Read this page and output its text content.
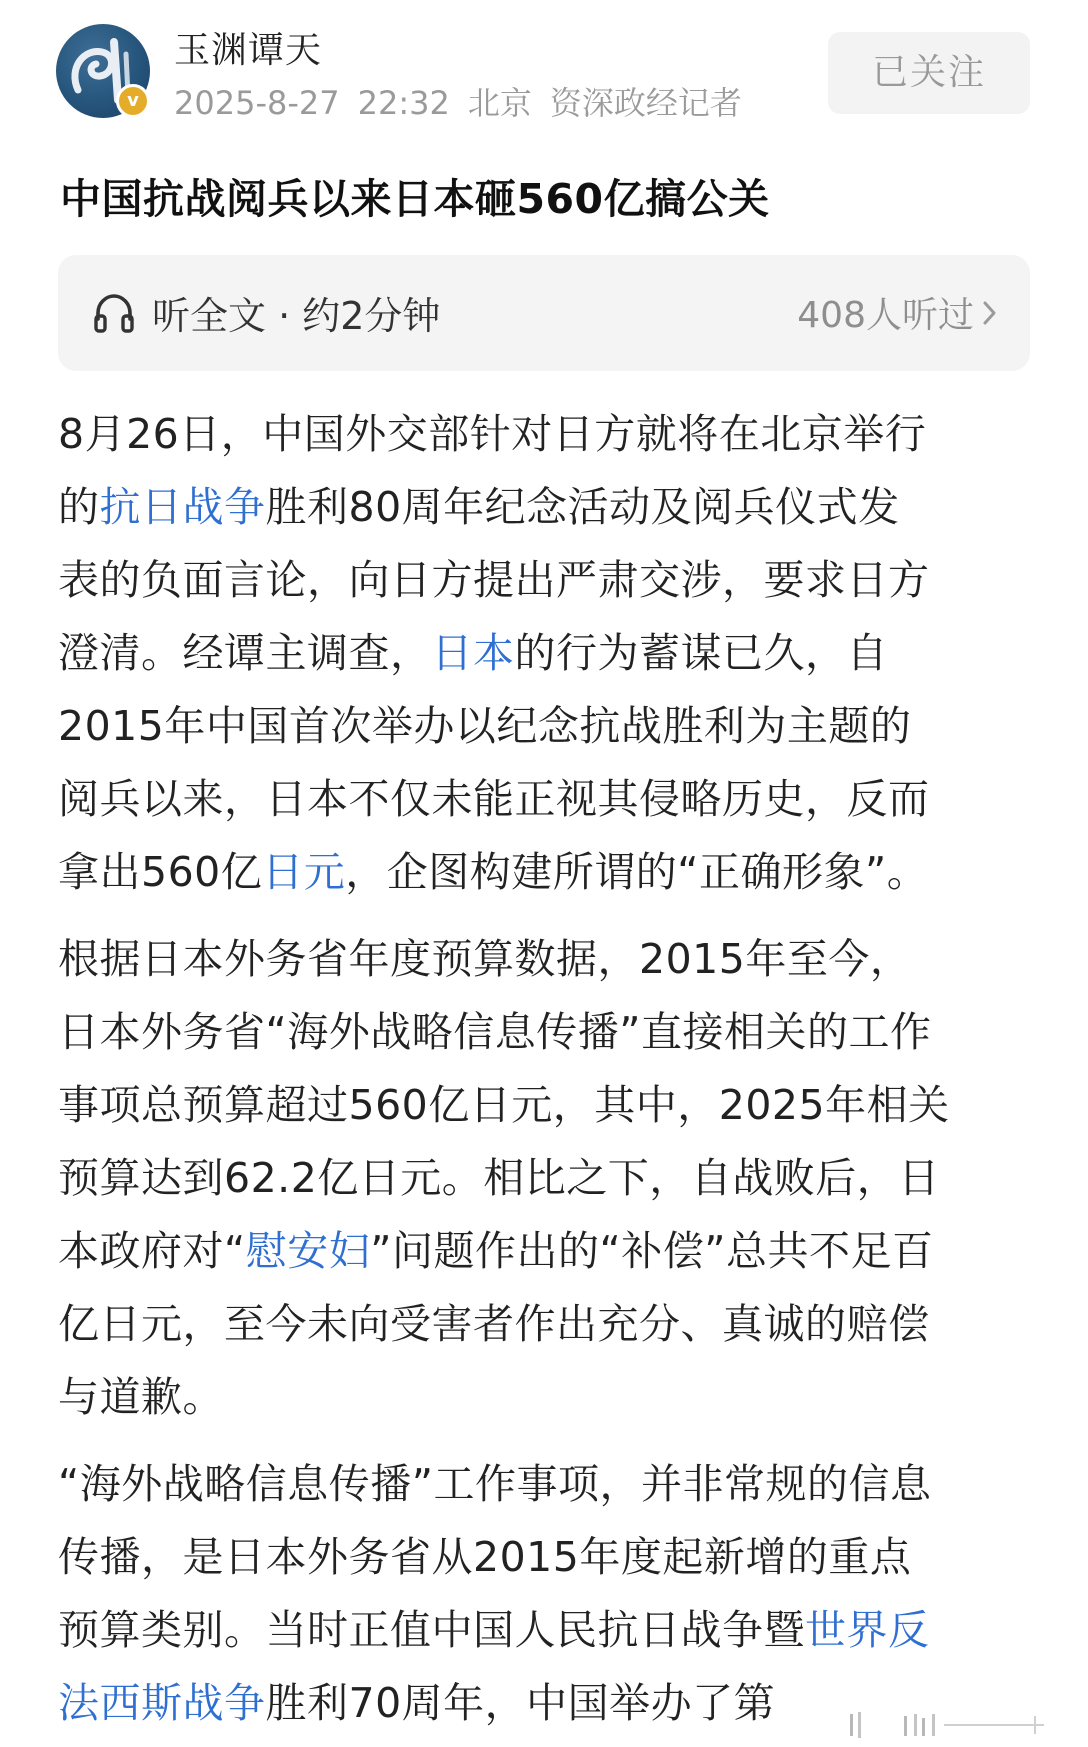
v
玉渊谭天
2025-8-27 22:32 北京 资深政经记者
已关注
中国抗战阅兵以来日本砸560亿搞公关
听全文 · 约2分钟	408人听过

8月26日，中国外交部针对日方就将在北京举行
的抗日战争胜利80周年纪念活动及阅兵仪式发
表的负面言论，向日方提出严肃交涉，要求日方
澄清。经谭主调查，日本的行为蓄谋已久，自
2015年中国首次举办以纪念抗战胜利为主题的
阅兵以来，日本不仅未能正视其侵略历史，反而
拿出560亿日元，企图构建所谓的“正确形象”。

根据日本外务省年度预算数据，2015年至今，
日本外务省“海外战略信息传播”直接相关的工作
事项总预算超过560亿日元，其中，2025年相关
预算达到62.2亿日元。相比之下，自战败后，日
本政府对“慰安妇”问题作出的“补偿”总共不足百
亿日元，至今未向受害者作出充分、真诚的赔偿
与道歉。

“海外战略信息传播”工作事项，并非常规的信息
传播，是日本外务省从2015年度起新增的重点
预算类别。当时正值中国人民抗日战争暨世界反
法西斯战争胜利70周年，中国举办了第
